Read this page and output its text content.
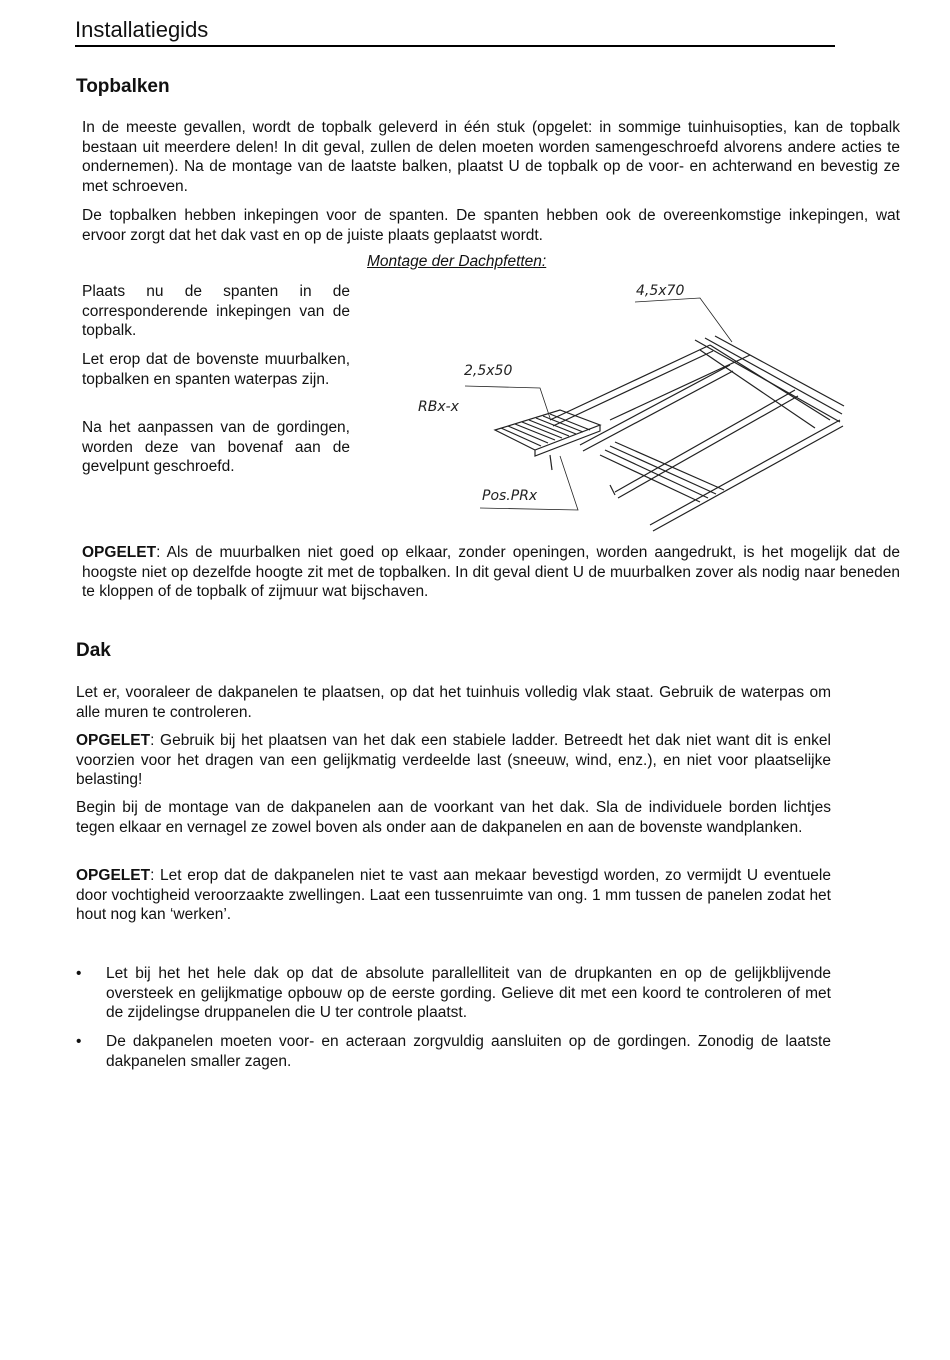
Installatiegids
Topbalken

In de meeste gevallen, wordt de topbalk geleverd in één stuk (opgelet: in sommige tuinhuisopties, kan de topbalk bestaan uit meerdere delen! In dit geval, zullen de delen moeten worden samengeschroefd alvorens andere acties te ondernemen). Na de montage van de laatste balken, plaatst U de topbalk op de voor- en achterwand en bevestig ze met schroeven.

De topbalken hebben inkepingen voor de spanten. De spanten hebben ook de overeenkomstige inkepingen, wat ervoor zorgt dat het dak vast en op de juiste plaats geplaatst wordt.

Plaats nu de spanten in de corresponderende inkepingen van de topbalk.

Let erop dat de bovenste muurbalken, topbalken en spanten waterpas zijn.

Na het aanpassen van de gordingen, worden deze van bovenaf aan de gevelpunt geschroefd.

Montage der Dachpfetten:
4,5x70
2,5x50
RBx-x
Pos.PRx

OPGELET: Als de muurbalken niet goed op elkaar, zonder openingen, worden aangedrukt, is het mogelijk dat de hoogste niet op dezelfde hoogte zit met de topbalken. In dit geval dient U de muurbalken zover als nodig naar beneden te kloppen of de topbalk of zijmuur wat bijschaven.

Dak

Let er, vooraleer de dakpanelen te plaatsen, op dat het tuinhuis volledig vlak staat. Gebruik de waterpas om alle muren te controleren.

OPGELET: Gebruik bij het plaatsen van het dak een stabiele ladder. Betreedt het dak niet want dit is enkel voorzien voor het dragen van een gelijkmatig verdeelde last (sneeuw, wind, enz.), en niet voor plaatselijke belasting!

Begin bij de montage van de dakpanelen aan de voorkant van het dak. Sla de individuele borden lichtjes tegen elkaar en vernagel ze zowel boven als onder aan de dakpanelen en aan de bovenste wandplanken.

OPGELET: Let erop dat de dakpanelen niet te vast aan mekaar bevestigd worden, zo vermijdt U eventuele door vochtigheid veroorzaakte zwellingen. Laat een tussenruimte van ong. 1 mm tussen de panelen zodat het hout nog kan ‘werken’.

• Let bij het het hele dak op dat de absolute parallelliteit van de drupkanten en op de gelijkblijvende oversteek en gelijkmatige opbouw op de eerste gording. Gelieve dit met een koord te controleren of met de zijdelingse druppanelen die U ter controle plaatst.
• De dakpanelen moeten voor- en acteraan zorgvuldig aansluiten op de gordingen. Zonodig de laatste dakpanelen smaller zagen.
